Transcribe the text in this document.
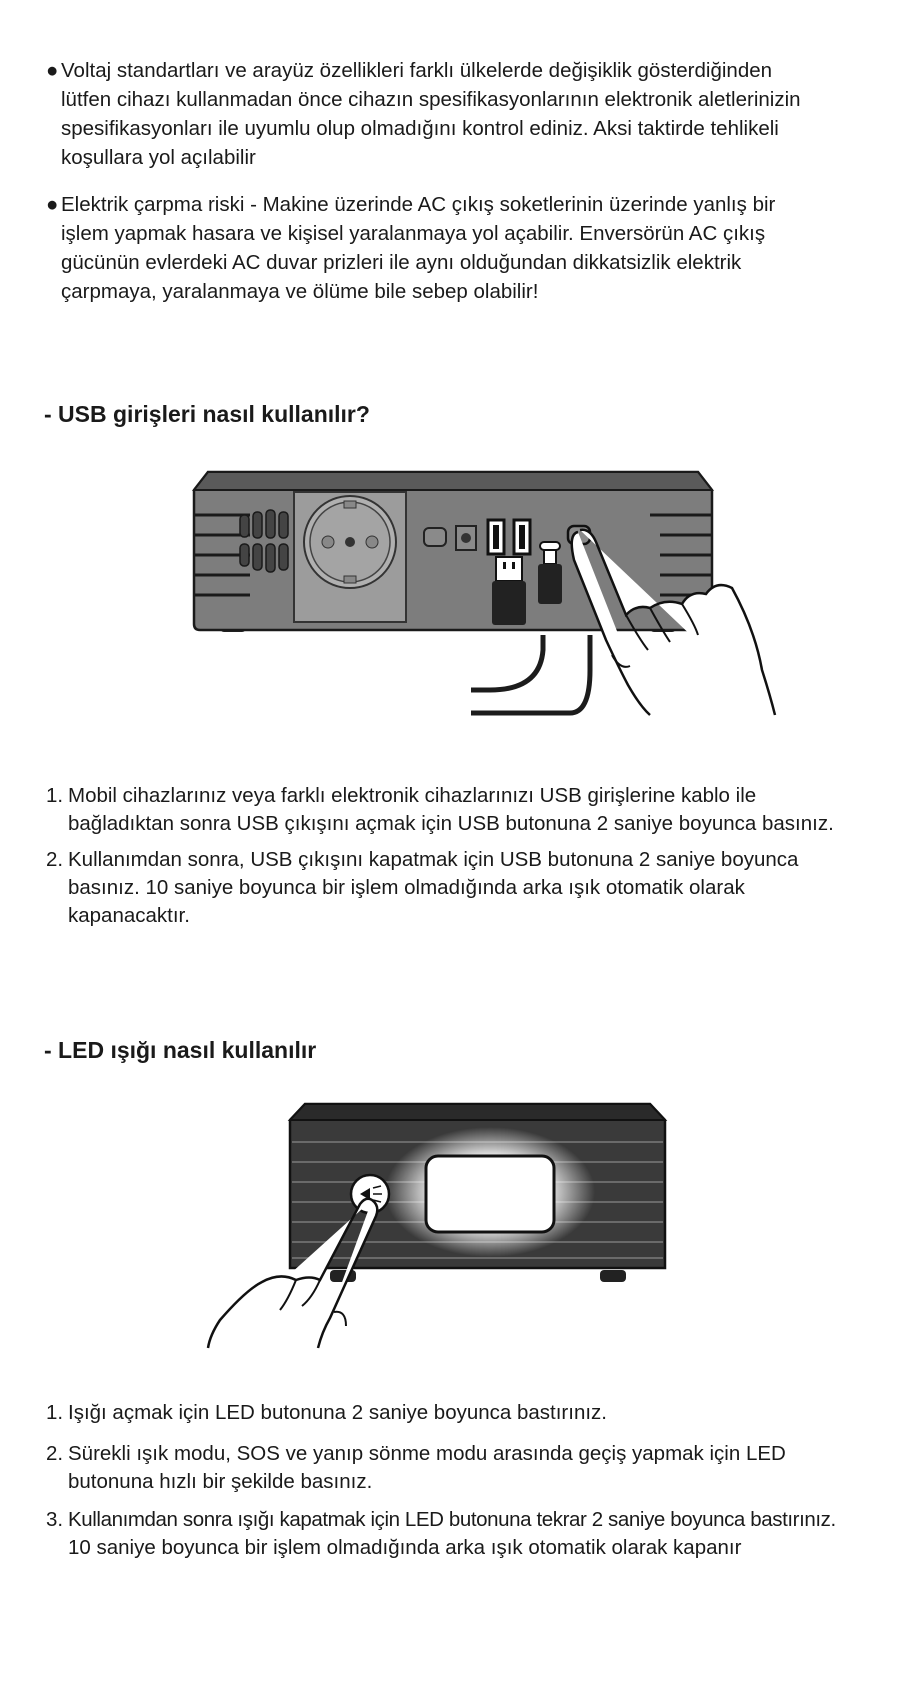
● Voltaj standartları ve arayüz özellikleri farklı ülkelerde değişiklik gösterdiğinden
lütfen cihazı kullanmadan önce cihazın spesifikasyonlarının elektronik aletlerinizin
spesifikasyonları ile uyumlu olup olmadığını kontrol ediniz. Aksi taktirde tehlikeli
koşullara yol açılabilir
● Elektrik çarpma riski - Makine üzerinde AC çıkış soketlerinin üzerinde yanlış bir
işlem yapmak hasara ve kişisel yaralanmaya yol açabilir. Enversörün AC çıkış
gücünün evlerdeki AC duvar prizleri ile aynı olduğundan dikkatsizlik elektrik
çarpmaya, yaralanmaya ve ölüme bile sebep olabilir!
- USB girişleri nasıl kullanılır?
1. Mobil cihazlarınız veya farklı elektronik cihazlarınızı USB girişlerine kablo ile
bağladıktan sonra USB çıkışını açmak için USB butonuna 2 saniye boyunca basınız.
2. Kullanımdan sonra, USB çıkışını kapatmak için USB butonuna 2 saniye boyunca
basınız. 10 saniye boyunca bir işlem olmadığında arka ışık otomatik olarak
kapanacaktır.
- LED ışığı nasıl kullanılır
1. Işığı açmak için LED butonuna 2 saniye boyunca bastırınız.
2. Sürekli ışık modu, SOS ve yanıp sönme modu arasında geçiş yapmak için LED
butonuna hızlı bir şekilde basınız.
3. Kullanımdan sonra ışığı kapatmak için LED butonuna tekrar 2 saniye boyunca bastırınız.
10 saniye boyunca bir işlem olmadığında arka ışık otomatik olarak kapanır
